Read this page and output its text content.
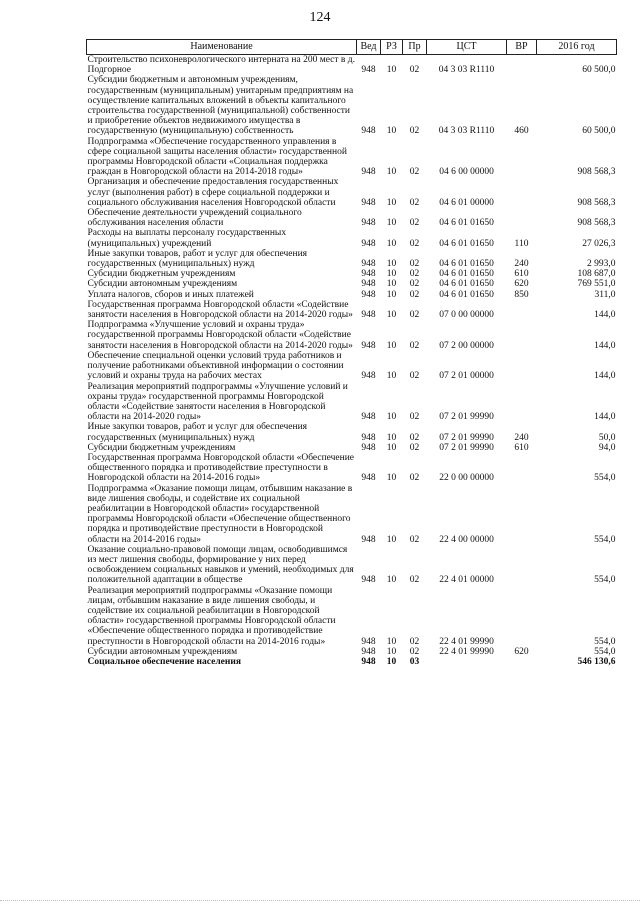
124
Наименование	Вед	РЗ	Пр	ЦСТ	ВР	2016 год
Строительство психоневрологического интерната на 200 мест в д. Подгорное	948	10	02	04 3 03 R1110		60 500,0
Субсидии бюджетным и автономным учреждениям, государственным (муниципальным) унитарным предприятиям на осуществление капитальных вложений в объекты капитального строительства государственной (муниципальной) собственности и приобретение объектов недвижимого имущества в государственную (муниципальную) собственность	948	10	02	04 3 03 R1110	460	60 500,0
Подпрограмма «Обеспечение государственного управления в сфере социальной защиты населения области» государственной программы Новгородской области «Социальная поддержка граждан в Новгородской области на 2014-2018 годы»	948	10	02	04 6 00 00000		908 568,3
Организация и обеспечение предоставления государственных услуг (выполнения работ) в сфере социальной поддержки и социального обслуживания населения Новгородской области	948	10	02	04 6 01 00000		908 568,3
Обеспечение деятельности учреждений социального обслуживания населения области	948	10	02	04 6 01 01650		908 568,3
Расходы на выплаты персоналу государственных (муниципальных) учреждений	948	10	02	04 6 01 01650	110	27 026,3
Иные закупки товаров, работ и услуг для обеспечения государственных (муниципальных) нужд	948	10	02	04 6 01 01650	240	2 993,0
Субсидии бюджетным учреждениям	948	10	02	04 6 01 01650	610	108 687,0
Субсидии автономным учреждениям	948	10	02	04 6 01 01650	620	769 551,0
Уплата налогов, сборов и иных платежей	948	10	02	04 6 01 01650	850	311,0
Государственная программа Новгородской области «Содействие занятости населения в Новгородской области на 2014-2020 годы»	948	10	02	07 0 00 00000		144,0
Подпрограмма «Улучшение условий и охраны труда» государственной программы Новгородской области «Содействие занятости населения в Новгородской области на 2014-2020 годы»	948	10	02	07 2 00 00000		144,0
Обеспечение специальной оценки условий труда работников и получение работниками объективной информации о состоянии условий и охраны труда на рабочих местах	948	10	02	07 2 01 00000		144,0
Реализация мероприятий подпрограммы «Улучшение условий и охраны труда» государственной программы Новгородской области «Содействие занятости населения в Новгородской области на 2014-2020 годы»	948	10	02	07 2 01 99990		144,0
Иные закупки товаров, работ и услуг для обеспечения государственных (муниципальных) нужд	948	10	02	07 2 01 99990	240	50,0
Субсидии бюджетным учреждениям	948	10	02	07 2 01 99990	610	94,0
Государственная программа Новгородской области «Обеспечение общественного порядка и противодействие преступности в Новгородской области на 2014-2016 годы»	948	10	02	22 0 00 00000		554,0
Подпрограмма «Оказание помощи лицам, отбывшим наказание в виде лишения свободы, и содействие их социальной реабилитации в Новгородской области» государственной программы Новгородской области «Обеспечение общественного порядка и противодействие преступности в Новгородской области на 2014-2016 годы»	948	10	02	22 4 00 00000		554,0
Оказание социально-правовой помощи лицам, освободившимся из мест лишения свободы, формирование у них перед освобождением социальных навыков и умений, необходимых для положительной адаптации в обществе	948	10	02	22 4 01 00000		554,0
Реализация мероприятий подпрограммы «Оказание помощи лицам, отбывшим наказание в виде лишения свободы, и содействие их социальной реабилитации в Новгородской области» государственной программы Новгородской области «Обеспечение общественного порядка и противодействие преступности в Новгородской области на 2014-2016 годы»	948	10	02	22 4 01 99990		554,0
Субсидии автономным учреждениям	948	10	02	22 4 01 99990	620	554,0
Социальное обеспечение населения	948	10	03			546 130,6
